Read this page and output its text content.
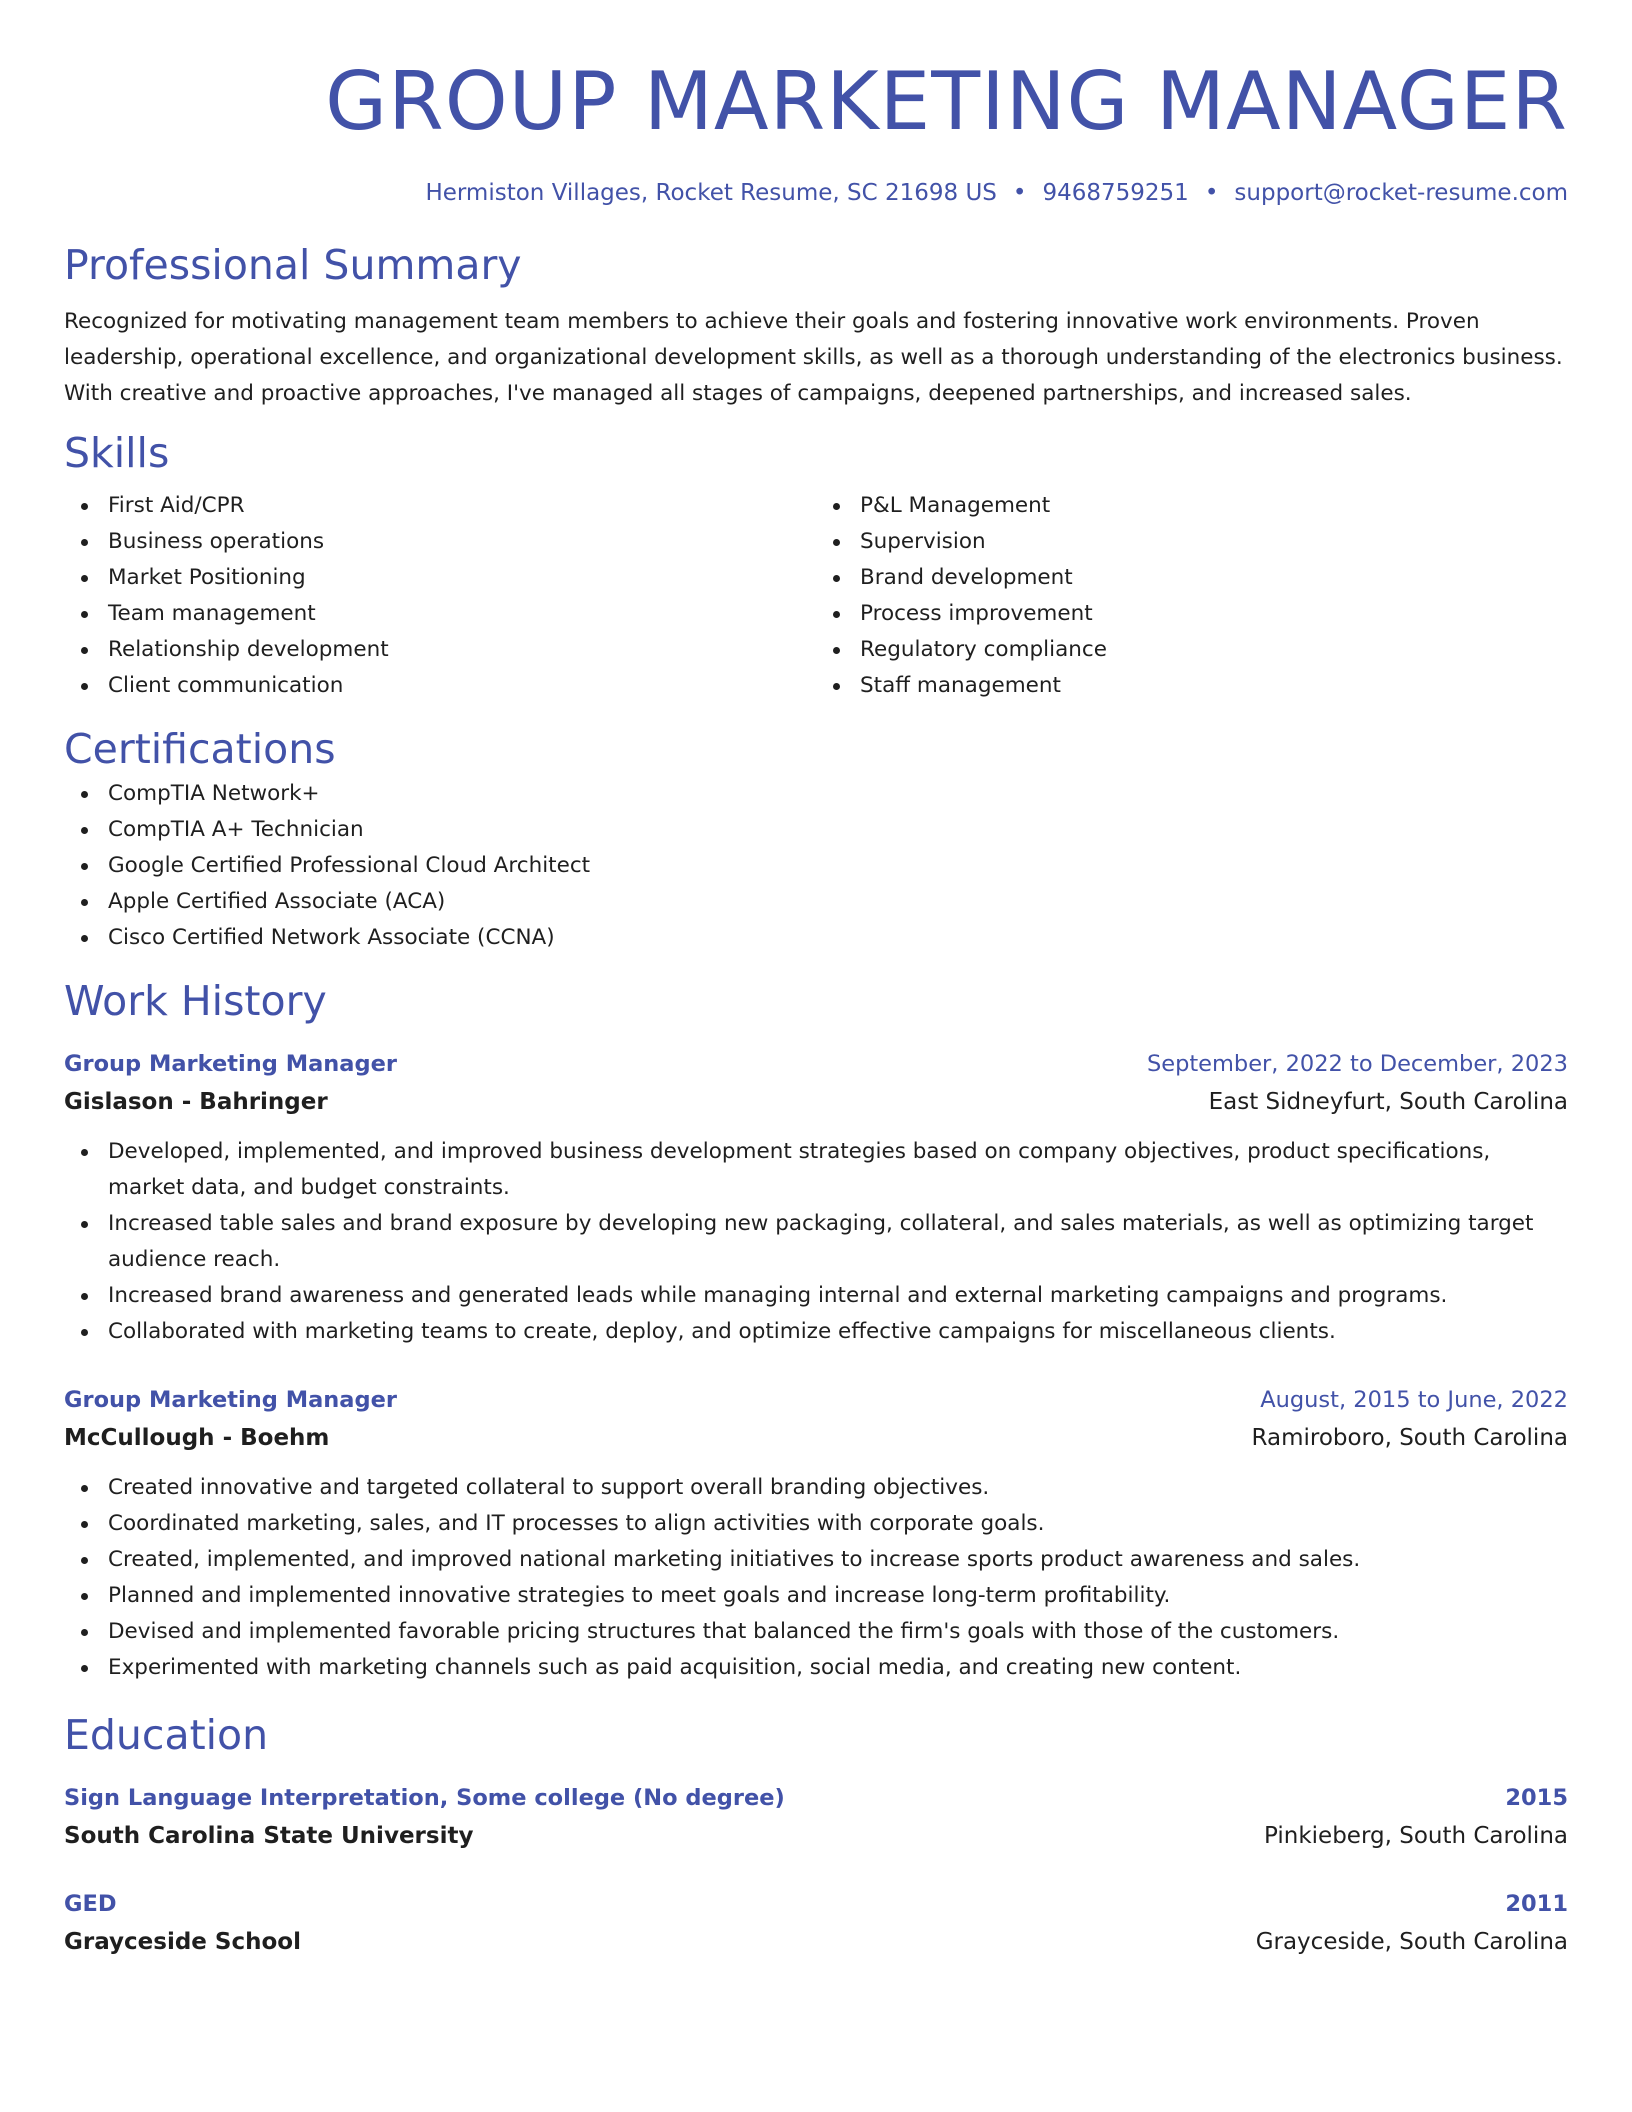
GROUP MARKETING MANAGER
Hermiston Villages, Rocket Resume, SC 21698 US • 9468759251 • support@rocket-resume.com
Professional Summary

Recognized for motivating management team members to achieve their goals and fostering innovative work environments. Proven leadership, operational excellence, and organizational development skills, as well as a thorough understanding of the electronics business. With creative and proactive approaches, I've managed all stages of campaigns, deepened partnerships, and increased sales.

Skills
First Aid/CPR
Business operations
Market Positioning
Team management
Relationship development
Client communication
P&L Management
Supervision
Brand development
Process improvement
Regulatory compliance
Staff management
Certifications
CompTIA Network+
CompTIA A+ Technician
Google Certified Professional Cloud Architect
Apple Certified Associate (ACA)
Cisco Certified Network Associate (CCNA)
Work History
Group Marketing Manager	September, 2022 to December, 2023
Gislason - Bahringer	East Sidneyfurt, South Carolina
Developed, implemented, and improved business development strategies based on company objectives, product specifications, market data, and budget constraints.
Increased table sales and brand exposure by developing new packaging, collateral, and sales materials, as well as optimizing target audience reach.
Increased brand awareness and generated leads while managing internal and external marketing campaigns and programs.
Collaborated with marketing teams to create, deploy, and optimize effective campaigns for miscellaneous clients.
Group Marketing Manager	August, 2015 to June, 2022
McCullough - Boehm	Ramiroboro, South Carolina
Created innovative and targeted collateral to support overall branding objectives.
Coordinated marketing, sales, and IT processes to align activities with corporate goals.
Created, implemented, and improved national marketing initiatives to increase sports product awareness and sales.
Planned and implemented innovative strategies to meet goals and increase long-term profitability.
Devised and implemented favorable pricing structures that balanced the firm's goals with those of the customers.
Experimented with marketing channels such as paid acquisition, social media, and creating new content.
Education
Sign Language Interpretation, Some college (No degree)	2015
South Carolina State University	Pinkieberg, South Carolina
GED	2011
Grayceside School	Grayceside, South Carolina
